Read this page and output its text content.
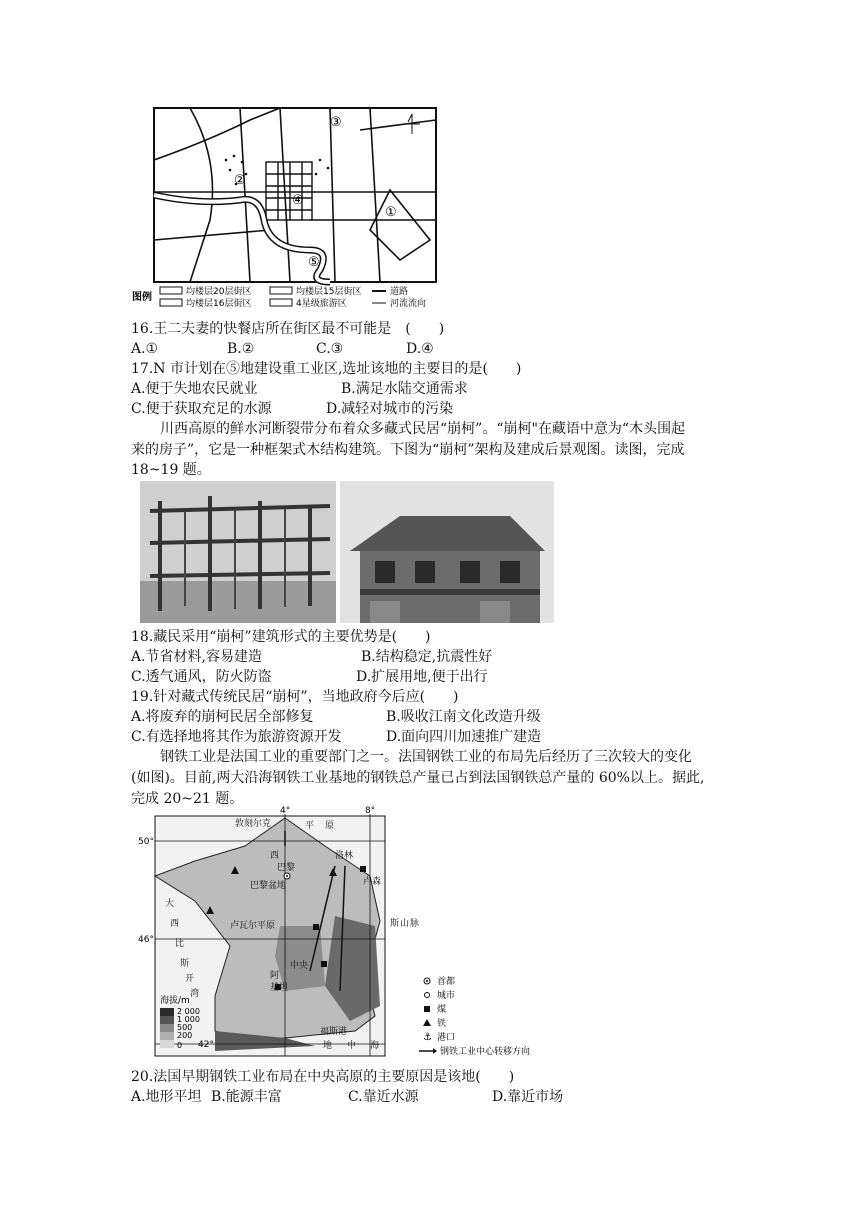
①
②
③
④
⑤
图例	均楼层20层街区
均楼层16层街区
均楼层15层街区
4星级旅游区
道路
河流流向
16.王二夫妻的快餐店所在街区最不可能是　(　　)
A.①	B.②	C.③	D.④
17.N 市计划在⑤地建设重工业区,选址该地的主要目的是(　　)
A.便于失地农民就业	B.满足水陆交通需求
C.便于获取充足的水源	D.减轻对城市的污染
川西高原的鲜水河断裂带分布着众多藏式民居“崩柯”。“崩柯"在藏语中意为“木头围起
来的房子”，它是一种框架式木结构建筑。下图为“崩柯”架构及建成后景观图。读图，完成
18~19 题。
18.藏民采用“崩柯”建筑形式的主要优势是(　　)
A.节省材料,容易建造	B.结构稳定,抗震性好
C.透气通风，防火防盗	D.扩展用地,便于出行
19.针对藏式传统民居“崩柯”，当地政府今后应(　　)
A.将废弃的崩柯民居全部修复	B.吸收江南文化改造升级
C.有选择地将其作为旅游资源开发	D.面向四川加速推广建造
钢铁工业是法国工业的重要部门之一。法国钢铁工业的布局先后经历了三次较大的变化
(如图)。目前,两大沿海钢铁工业基地的钢铁总产量已占到法国钢铁总产量的 60%以上。据此,
完成 20~21 题。
4°	8°
50°
46°
42°
敦刻尔克	平 原
西
巴黎
巴黎盆地
洛林
卢森
卢瓦尔平原
阿
基坦
中央
福斯港
地 中 海
大
西
比
斯
开
湾
斯 山 脉
海拔/m
2 000
1 000
500
200
0
首都
城市
煤
铁
⚓ 港口
钢铁工业中心转移方向
20.法国早期钢铁工业布局在中央高原的主要原因是该地(　　)
A.地形平坦 B.能源丰富	C.靠近水源	D.靠近市场
